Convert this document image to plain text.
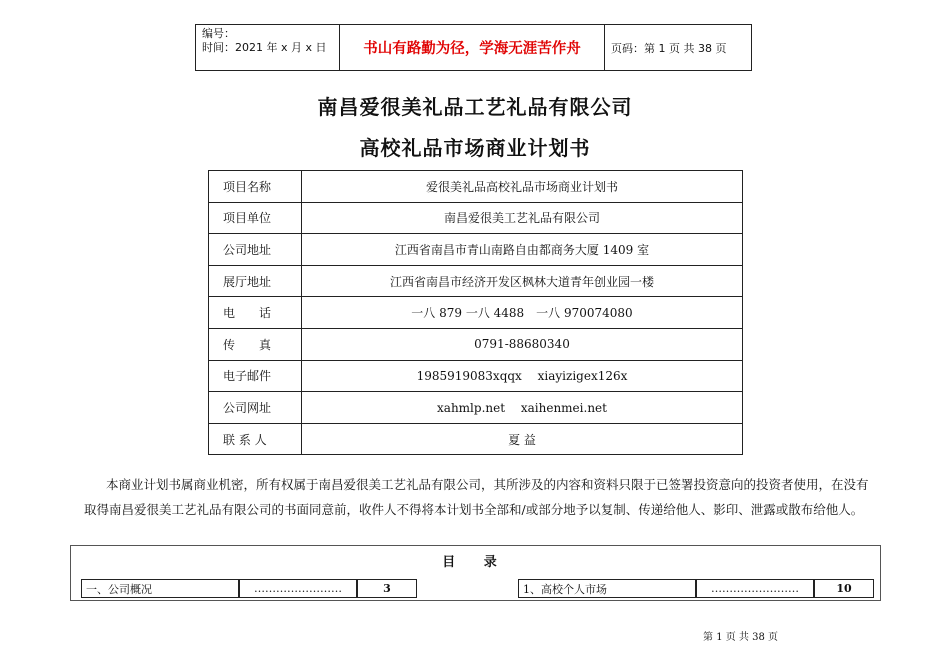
编号：
时间：2021 年 x 月 x 日	书山有路勤为径，学海无涯苦作舟	页码：第 1 页 共 38 页
南昌爱很美礼品工艺礼品有限公司
高校礼品市场商业计划书
项目名称	爱很美礼品高校礼品市场商业计划书
项目单位	南昌爱很美工艺礼品有限公司
公司地址	江西省南昌市青山南路自由都商务大厦 1409 室
展厅地址	江西省南昌市经济开发区枫林大道青年创业园一楼
电　　话	一八 879 一八 4488　一八 970074080
传　　真	0791-88680340
电子邮件	1985919083xqqx　 xiayizigex126x
公司网址	xahmlp.net　 xaihenmei.net
联 系 人	夏 益

本商业计划书属商业机密，所有权属于南昌爱很美工艺礼品有限公司，其所涉及的内容和资料只限于已签署投资意向的投资者使用，在没有取得南昌爱很美工艺礼品有限公司的书面同意前，收件人不得将本计划书全部和/或部分地予以复制、传递给他人、影印、泄露或散布给他人。

目 录
一、公司概况	……………………	3	1、高校个人市场	……………………	10
第 1 页 共 38 页
